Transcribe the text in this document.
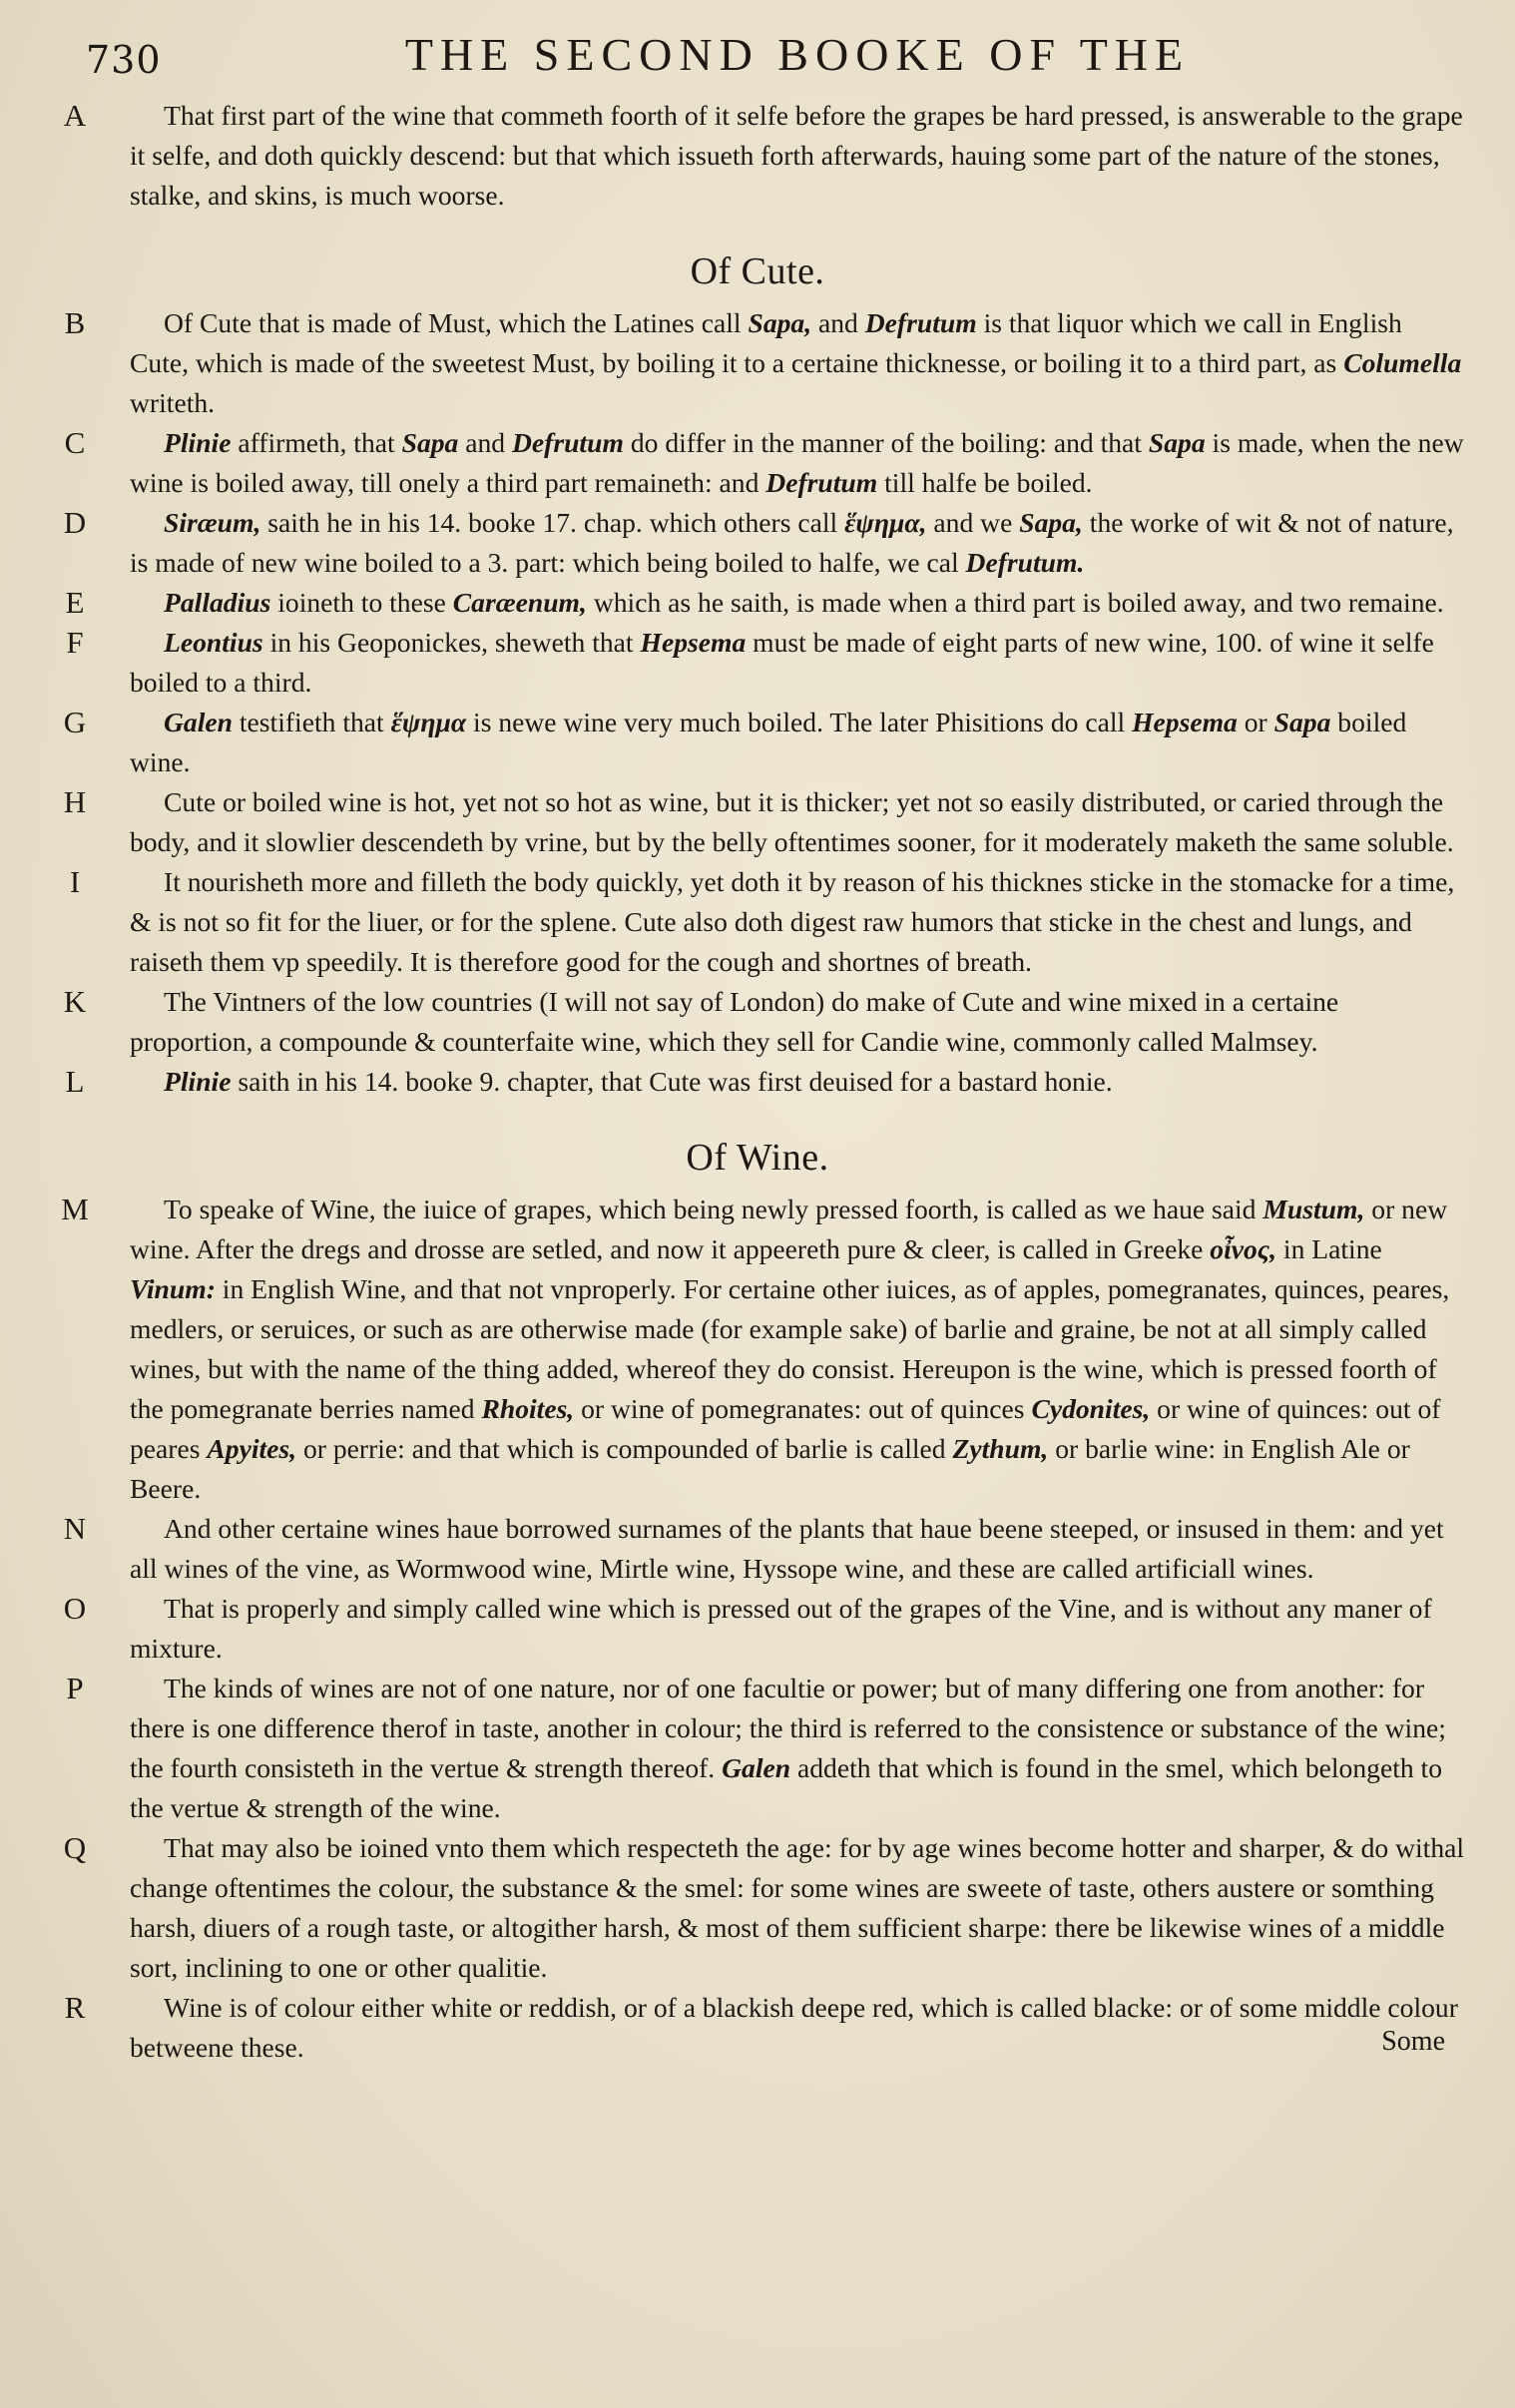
730	THE SECOND BOOKE OF THE
A	That first part of the wine that commeth foorth of it selfe before the grapes be hard pressed, is answerable to the grape it selfe, and doth quickly descend: but that which issueth forth afterwards, hauing some part of the nature of the stones, stalke, and skins, is much woorse.
Of Cute.
B	Of Cute that is made of Must, which the Latines call Sapa, and Defrutum is that liquor which we call in English Cute, which is made of the sweetest Must, by boiling it to a certaine thicknesse, or boiling it to a third part, as Columella writeth.
C	Plinie affirmeth, that Sapa and Defrutum do differ in the manner of the boiling: and that Sapa is made, when the new wine is boiled away, till onely a third part remaineth: and Defrutum till halfe be boiled.
D	Siræum, saith he in his 14. booke 17. chap. which others call ἕψημα, and we Sapa, the worke of wit & not of nature, is made of new wine boiled to a 3. part: which being boiled to halfe, we cal Defrutum.
E	Palladius ioineth to these Caræenum, which as he saith, is made when a third part is boiled away, and two remaine.
F	Leontius in his Geoponickes, sheweth that Hepsema must be made of eight parts of new wine, 100. of wine it selfe boiled to a third.
G	Galen testifieth that ἕψημα is newe wine very much boiled. The later Phisitions do call Hepsema or Sapa boiled wine.
H	Cute or boiled wine is hot, yet not so hot as wine, but it is thicker; yet not so easily distributed, or caried through the body, and it slowlier descendeth by vrine, but by the belly oftentimes sooner, for it moderately maketh the same soluble.
I	It nourisheth more and filleth the body quickly, yet doth it by reason of his thicknes sticke in the stomacke for a time, & is not so fit for the liuer, or for the splene. Cute also doth digest raw humors that sticke in the chest and lungs, and raiseth them vp speedily. It is therefore good for the cough and shortnes of breath.
K	The Vintners of the low countries (I will not say of London) do make of Cute and wine mixed in a certaine proportion, a compounde & counterfaite wine, which they sell for Candie wine, commonly called Malmsey.
L	Plinie saith in his 14. booke 9. chapter, that Cute was first deuised for a bastard honie.
Of Wine.
M	To speake of Wine, the iuice of grapes, which being newly pressed foorth, is called as we haue said Mustum, or new wine. After the dregs and drosse are setled, and now it appeereth pure & cleer, is called in Greeke οἶνος, in Latine Vinum: in English Wine, and that not vnproperly. For certaine other iuices, as of apples, pomegranates, quinces, peares, medlers, or seruices, or such as are otherwise made (for example sake) of barlie and graine, be not at all simply called wines, but with the name of the thing added, whereof they do consist. Hereupon is the wine, which is pressed foorth of the pomegranate berries named Rhoites, or wine of pomegranates: out of quinces Cydonites, or wine of quinces: out of peares Apyites, or perrie: and that which is compounded of barlie is called Zythum, or barlie wine: in English Ale or Beere.
N	And other certaine wines haue borrowed surnames of the plants that haue beene steeped, or insused in them: and yet all wines of the vine, as Wormwood wine, Mirtle wine, Hyssope wine, and these are called artificiall wines.
O	That is properly and simply called wine which is pressed out of the grapes of the Vine, and is without any maner of mixture.
P	The kinds of wines are not of one nature, nor of one facultie or power; but of many differing one from another: for there is one difference therof in taste, another in colour; the third is referred to the consistence or substance of the wine; the fourth consisteth in the vertue & strength thereof. Galen addeth that which is found in the smel, which belongeth to the vertue & strength of the wine.
Q	That may also be ioined vnto them which respecteth the age: for by age wines become hotter and sharper, & do withal change oftentimes the colour, the substance & the smel: for some wines are sweete of taste, others austere or somthing harsh, diuers of a rough taste, or altogither harsh, & most of them sufficient sharpe: there be likewise wines of a middle sort, inclining to one or other qualitie.
R	Wine is of colour either white or reddish, or of a blackish deepe red, which is called blacke: or of some middle colour betweene these.	Some
